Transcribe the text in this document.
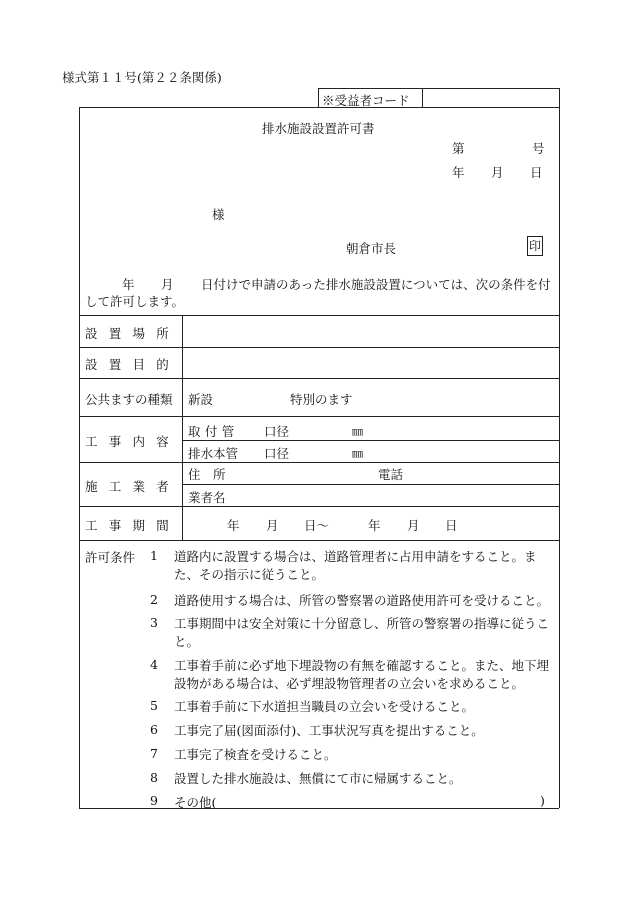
様式第１１号(第２２条関係)
※受益者コード
排水施設設置許可書
第	号
年 月 日
様
朝倉市長	印
年 月 日付けで申請のあった排水施設設置については、次の条件を付
して許可します。
設置場所
設置目的
公共ますの種類 新設	特別のます
工事内容
取付管 口径	㎜
排水本管 口径	㎜
施工業者
住所	電話
業者名
工事期間	年 月 日～	年 月 日
許可条件 1 道路内に設置する場合は、道路管理者に占用申請をすること。また、その指示に従うこと。
2 道路使用する場合は、所管の警察署の道路使用許可を受けること。
3 工事期間中は安全対策に十分留意し、所管の警察署の指導に従うこと。
4 工事着手前に必ず地下埋設物の有無を確認すること。また、地下埋設物がある場合は、必ず埋設物管理者の立会いを求めること。
5 工事着手前に下水道担当職員の立会いを受けること。
6 工事完了届(図面添付)、工事状況写真を提出すること。
7 工事完了検査を受けること。
8 設置した排水施設は、無償にて市に帰属すること。
9 その他(	)
